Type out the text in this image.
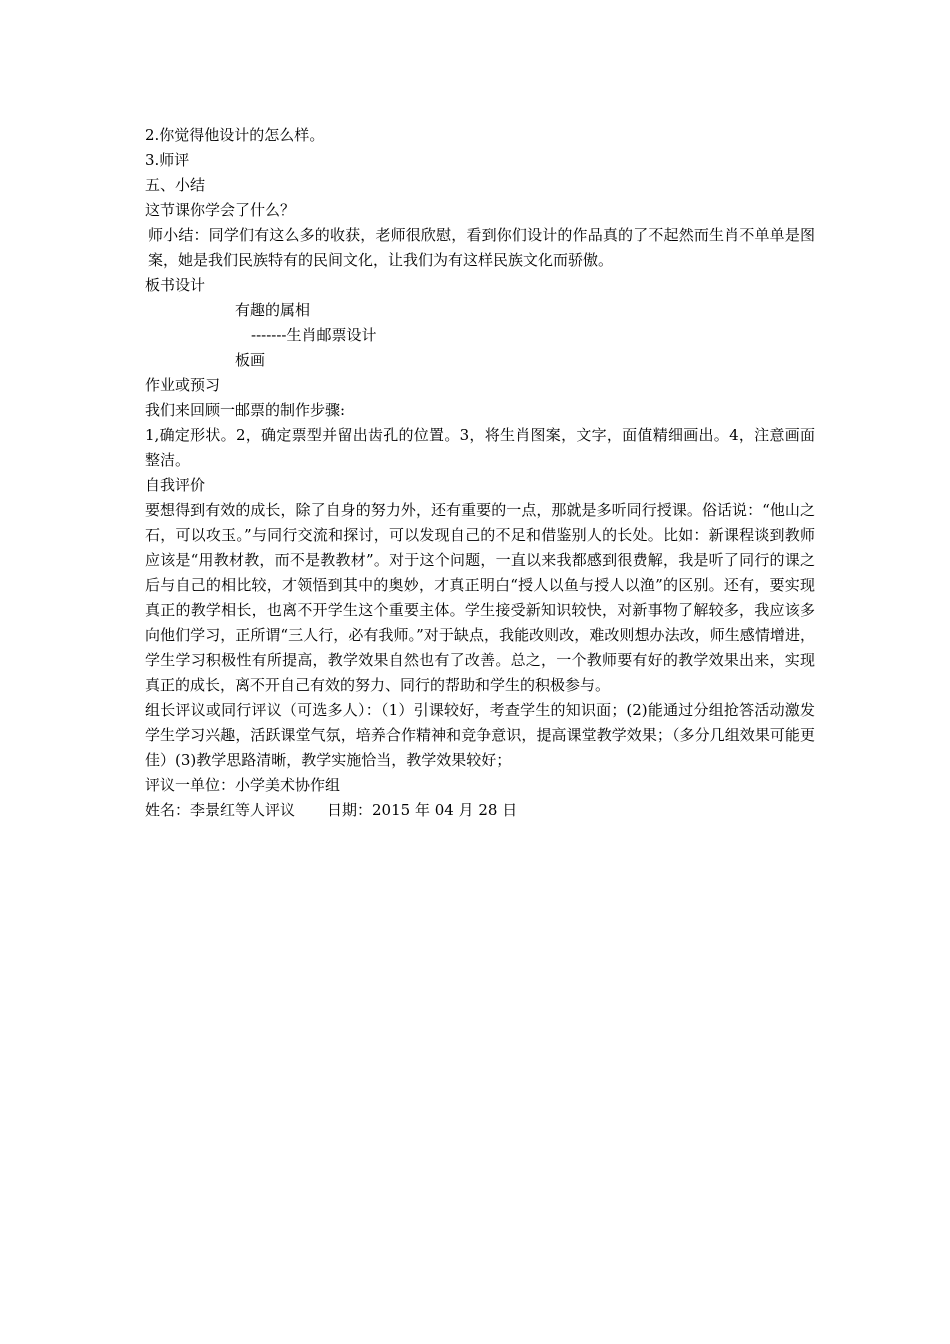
2.你觉得他设计的怎么样。

3.师评

五、小结

这节课你学会了什么？

师小结：同学们有这么多的收获，老师很欣慰，看到你们设计的作品真的了不起然而生肖不单单是图案，她是我们民族特有的民间文化，让我们为有这样民族文化而骄傲。

板书设计

有趣的属相

-------生肖邮票设计

板画

作业或预习

我们来回顾一邮票的制作步骤:

1,确定形状。2，确定票型并留出齿孔的位置。3，将生肖图案，文字，面值精细画出。4，注意画面整洁。

自我评价

要想得到有效的成长，除了自身的努力外，还有重要的一点，那就是多听同行授课。俗话说：“他山之石，可以攻玉。”与同行交流和探讨，可以发现自己的不足和借鉴别人的长处。比如：新课程谈到教师应该是“用教材教，而不是教教材”。对于这个问题，一直以来我都感到很费解，我是听了同行的课之后与自己的相比较，才领悟到其中的奥妙，才真正明白“授人以鱼与授人以渔”的区别。还有，要实现真正的教学相长，也离不开学生这个重要主体。学生接受新知识较快，对新事物了解较多，我应该多向他们学习，正所谓“三人行，必有我师。”对于缺点，我能改则改，难改则想办法改，师生感情增进，学生学习积极性有所提高，教学效果自然也有了改善。总之，一个教师要有好的教学效果出来，实现真正的成长，离不开自己有效的努力、同行的帮助和学生的积极参与。

组长评议或同行评议（可选多人）：（1）引课较好，考查学生的知识面；(2)能通过分组抢答活动激发学生学习兴趣，活跃课堂气氛，培养合作精神和竞争意识，提高课堂教学效果；（多分几组效果可能更佳）(3)教学思路清晰，教学实施恰当，教学效果较好；

评议一单位：小学美术协作组

姓名：李景红等人评议 日期：2015 年 04 月 28 日
